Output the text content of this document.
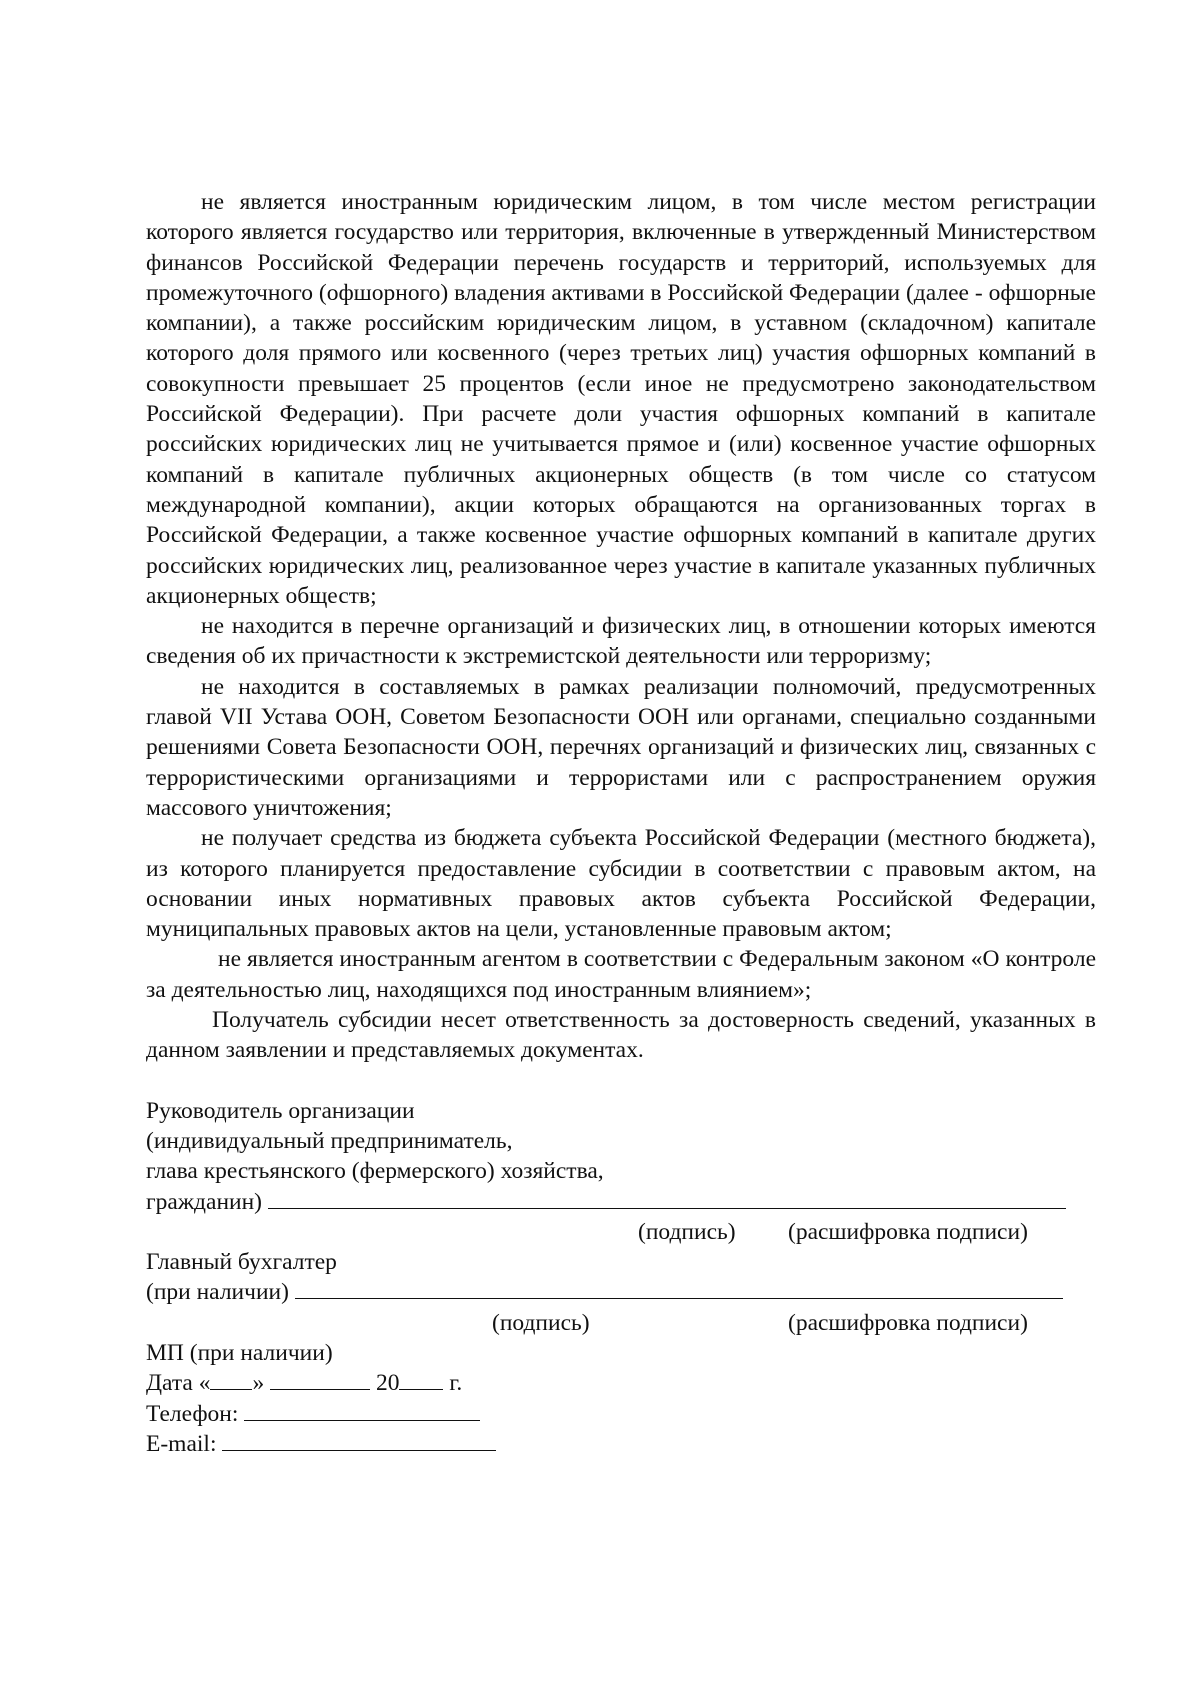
не является иностранным юридическим лицом, в том числе местом регистрации которого является государство или территория, включенные в утвержденный Министерством финансов Российской Федерации перечень государств и территорий, используемых для промежуточного (офшорного) владения активами в Российской Федерации (далее - офшорные компании), а также российским юридическим лицом, в уставном (складочном) капитале которого доля прямого или косвенного (через третьих лиц) участия офшорных компаний в совокупности превышает 25 процентов (если иное не предусмотрено законодательством Российской Федерации). При расчете доли участия офшорных компаний в капитале российских юридических лиц не учитывается прямое и (или) косвенное участие офшорных компаний в капитале публичных акционерных обществ (в том числе со статусом международной компании), акции которых обращаются на организованных торгах в Российской Федерации, а также косвенное участие офшорных компаний в капитале других российских юридических лиц, реализованное через участие в капитале указанных публичных акционерных обществ;

не находится в перечне организаций и физических лиц, в отношении которых имеются сведения об их причастности к экстремистской деятельности или терроризму;

не находится в составляемых в рамках реализации полномочий, предусмотренных главой VII Устава ООН, Советом Безопасности ООН или органами, специально созданными решениями Совета Безопасности ООН, перечнях организаций и физических лиц, связанных с террористическими организациями и террористами или с распространением оружия массового уничтожения;

не получает средства из бюджета субъекта Российской Федерации (местного бюджета), из которого планируется предоставление субсидии в соответствии с правовым актом, на основании иных нормативных правовых актов субъекта Российской Федерации, муниципальных правовых актов на цели, установленные правовым актом;

не является иностранным агентом в соответствии с Федеральным законом «О контроле за деятельностью лиц, находящихся под иностранным влиянием»;

Получатель субсидии несет ответственность за достоверность сведений, указанных в данном заявлении и представляемых документах.

Руководитель организации
(индивидуальный предприниматель,
глава крестьянского (фермерского) хозяйства,
гражданин)
(подпись) (расшифровка подписи)
Главный бухгалтер
(при наличии)
(подпись)	(расшифровка подписи)
МП (при наличии)
Дата « »	20 г.
Телефон:
E-mail:
